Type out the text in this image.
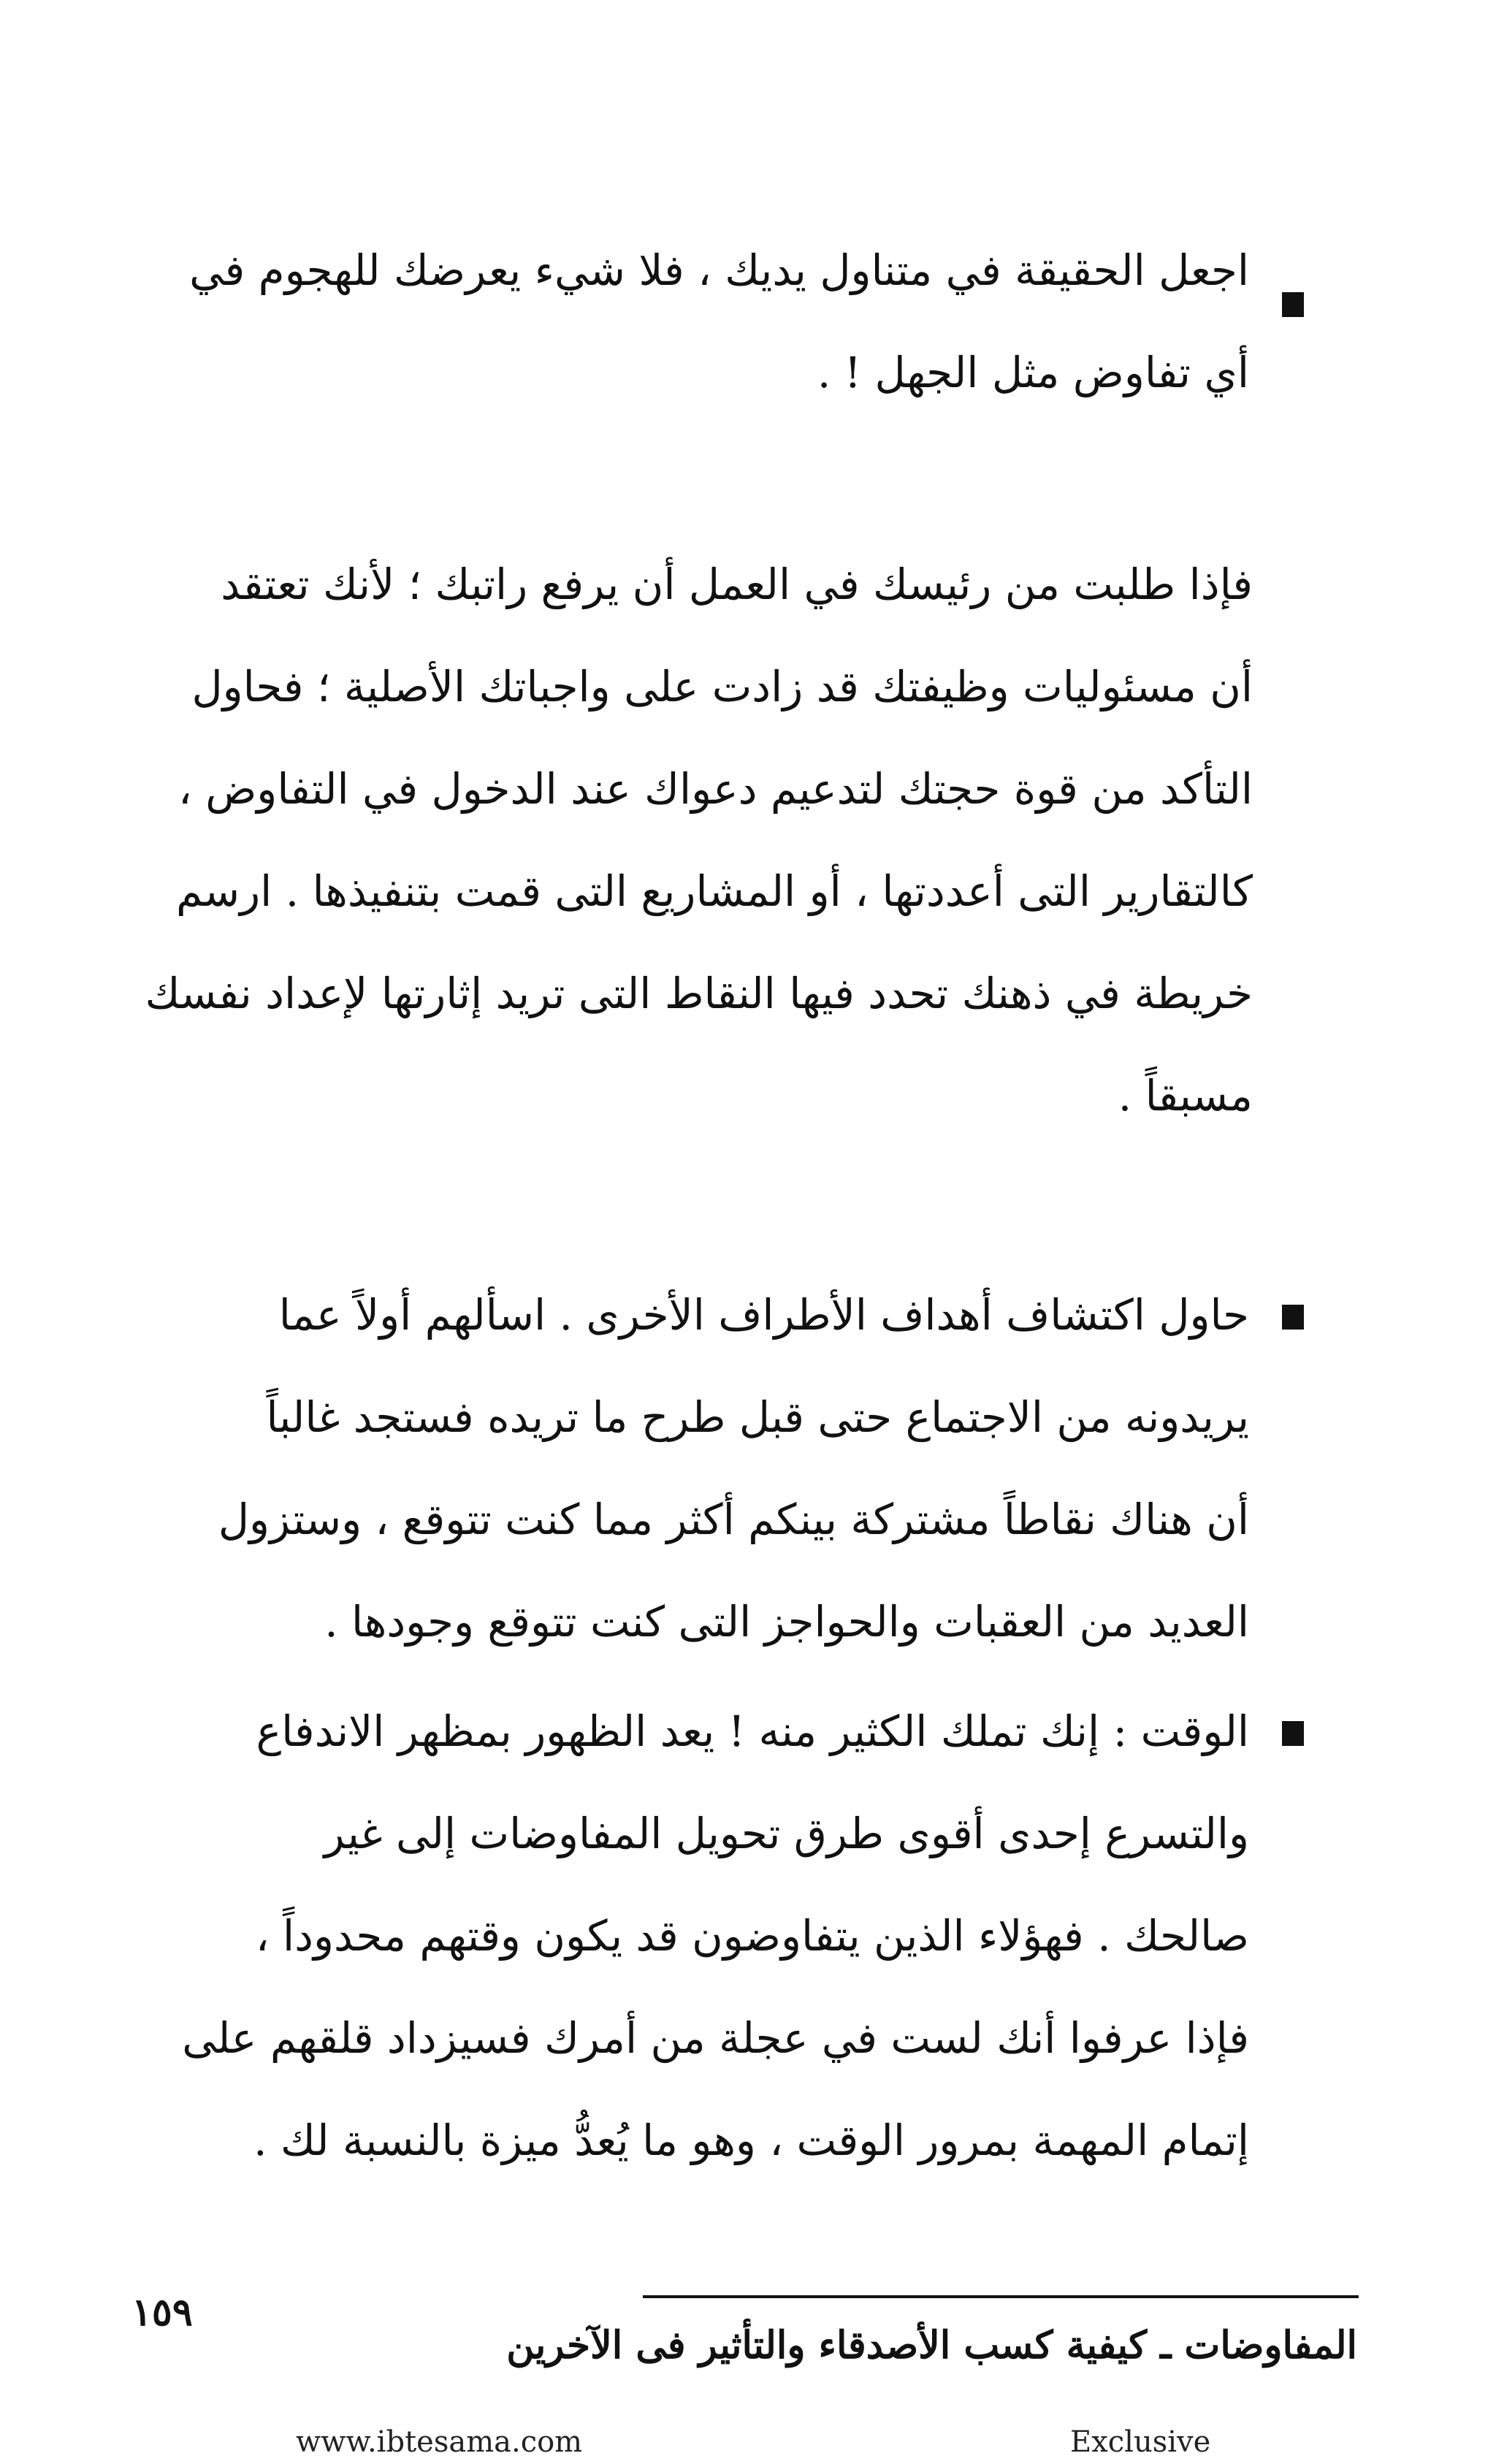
اجعل الحقيقة في متناول يديك ، فلا شيء يعرضك للهجوم في
أي تفاوض مثل الجهل ! .
فإذا طلبت من رئيسك في العمل أن يرفع راتبك ؛ لأنك تعتقد
أن مسئوليات وظيفتك قد زادت على واجباتك الأصلية ؛ فحاول
التأكد من قوة حجتك لتدعيم دعواك عند الدخول في التفاوض ،
كالتقارير التى أعددتها ، أو المشاريع التى قمت بتنفيذها . ارسم
خريطة في ذهنك تحدد فيها النقاط التى تريد إثارتها لإعداد نفسك
مسبقاً .
حاول اكتشاف أهداف الأطراف الأخرى . اسألهم أولاً عما
يريدونه من الاجتماع حتى قبل طرح ما تريده فستجد غالباً
أن هناك نقاطاً مشتركة بينكم أكثر مما كنت تتوقع ، وستزول
العديد من العقبات والحواجز التى كنت تتوقع وجودها .
الوقت : إنك تملك الكثير منه ! يعد الظهور بمظهر الاندفاع
والتسرع إحدى أقوى طرق تحويل المفاوضات إلى غير
صالحك . فهؤلاء الذين يتفاوضون قد يكون وقتهم محدوداً ،
فإذا عرفوا أنك لست في عجلة من أمرك فسيزداد قلقهم على
إتمام المهمة بمرور الوقت ، وهو ما يُعدُّ ميزة بالنسبة لك .
١٥٩
المفاوضات ـ كيفية كسب الأصدقاء والتأثير فى الآخرين
www.ibtesama.com	Exclusive
